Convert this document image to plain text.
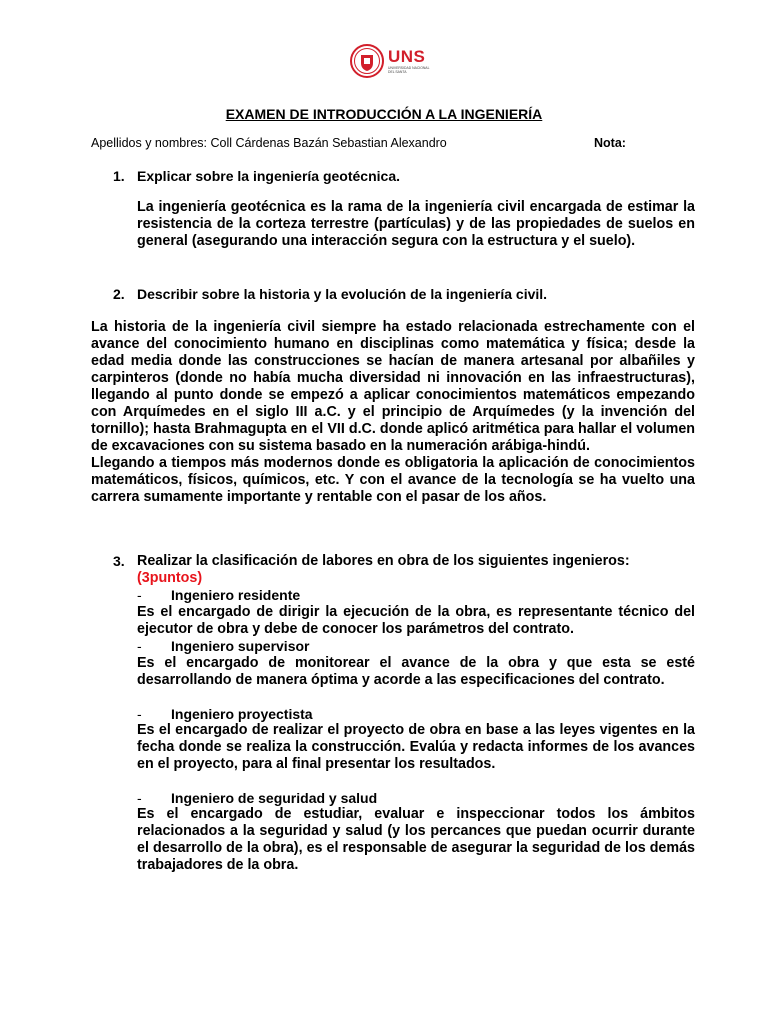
UNS
UNIVERSIDAD NACIONAL DEL SANTA
EXAMEN DE INTRODUCCIÓN A LA INGENIERÍA
Apellidos y nombres: Coll Cárdenas Bazán Sebastian Alexandro	Nota:
1. Explicar sobre la ingeniería geotécnica.
La ingeniería geotécnica es la rama de la ingeniería civil encargada de estimar la resistencia de la corteza terrestre (partículas) y de las propiedades de suelos en general (asegurando una interacción segura con la estructura y el suelo).
2. Describir sobre la historia y la evolución de la ingeniería civil.

La historia de la ingeniería civil siempre ha estado relacionada estrechamente con el avance del conocimiento humano en disciplinas como matemática y física; desde la edad media donde las construcciones se hacían de manera artesanal por albañiles y carpinteros (donde no había mucha diversidad ni innovación en las infraestructuras), llegando al punto donde se empezó a aplicar conocimientos matemáticos empezando con Arquímedes en el siglo III a.C. y el principio de Arquímedes (y la invención del tornillo); hasta Brahmagupta en el VII d.C. donde aplicó aritmética para hallar el volumen de excavaciones con su sistema basado en la numeración arábiga-hindú.

Llegando a tiempos más modernos donde es obligatoria la aplicación de conocimientos matemáticos, físicos, químicos, etc. Y con el avance de la tecnología se ha vuelto una carrera sumamente importante y rentable con el pasar de los años.

3. Realizar la clasificación de labores en obra de los siguientes ingenieros:
(3puntos)
- Ingeniero residente
Es el encargado de dirigir la ejecución de la obra, es representante técnico del ejecutor de obra y debe de conocer los parámetros del contrato.
- Ingeniero supervisor
Es el encargado de monitorear el avance de la obra y que esta se esté desarrollando de manera óptima y acorde a las especificaciones del contrato.
- Ingeniero proyectista
Es el encargado de realizar el proyecto de obra en base a las leyes vigentes en la fecha donde se realiza la construcción. Evalúa y redacta informes de los avances en el proyecto, para al final presentar los resultados.
- Ingeniero de seguridad y salud
Es el encargado de estudiar, evaluar e inspeccionar todos los ámbitos relacionados a la seguridad y salud (y los percances que puedan ocurrir durante el desarrollo de la obra), es el responsable de asegurar la seguridad de los demás trabajadores de la obra.
